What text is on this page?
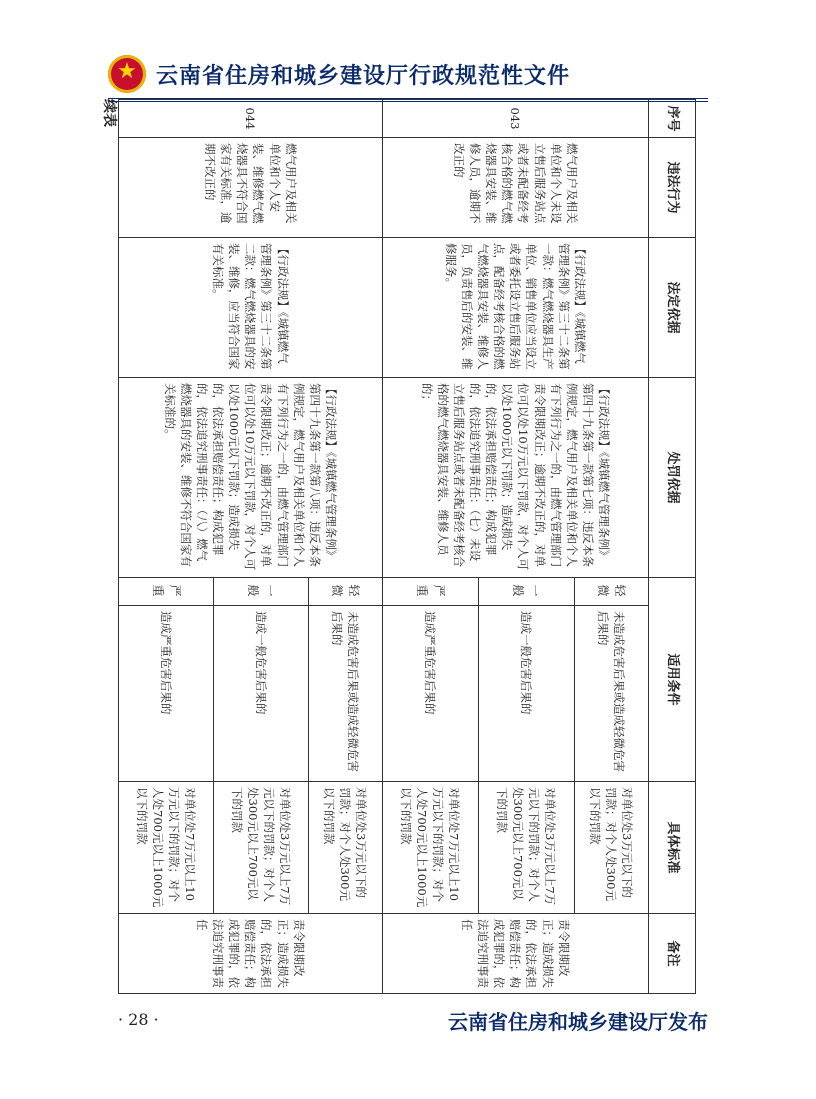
★
云南省住房和城乡建设厅行政规范性文件
序号	违法行为	法定依据	处罚依据	适用条件		具体标准	备注
043	燃气用户及相关单位和个人未设立售后服务站点或者未配备经考核合格的燃气燃烧器具安装、维修人员，逾期不改正的	【行政法规】《城镇燃气管理条例》第三十二条第一款：燃气燃烧器具生产单位、销售单位应当设立或者委托设立售后服务站点，配备经考核合格的燃气燃烧器具安装、维修人员，负责售后的安装、维修服务。	【行政法规】《城镇燃气管理条例》第四十九条第一款第七项：违反本条例规定，燃气用户及相关单位和个人有下列行为之一的，由燃气管理部门责令限期改正；逾期不改正的，对单位可以处10万元以下罚款，对个人可以处1000元以下罚款；造成损失的，依法承担赔偿责任；构成犯罪的，依法追究刑事责任：（七）未设立售后服务站点或者未配备经考核合格的燃气燃烧器具安装、维修人员的；	轻微	未造成危害后果或造成轻微危害后果的	对单位处3万元以下的罚款；对个人处300元以下的罚款	责令限期改正；造成损失的，依法承担赔偿责任；构成犯罪的，依法追究刑事责任
				一般	造成一般危害后果的	对单位处3万元以上7万元以下的罚款；对个人处300元以上700元以下的罚款	
				严重	造成严重危害后果的	对单位处7万元以上10万元以下的罚款；对个人处700元以上1000元以下的罚款	
044	燃气用户及相关单位和个人安装、维修燃气燃烧器具不符合国家有关标准，逾期不改正的	【行政法规】《城镇燃气管理条例》第三十二条第二款：燃气燃烧器具的安装、维修，应当符合国家有关标准。	【行政法规】《城镇燃气管理条例》第四十九条第一款第八项：违反本条例规定，燃气用户及相关单位和个人有下列行为之一的，由燃气管理部门责令限期改正；逾期不改正的，对单位可以处10万元以下罚款，对个人可以处1000元以下罚款；造成损失的，依法承担赔偿责任；构成犯罪的，依法追究刑事责任：（八）燃气燃烧器具的安装、维修不符合国家有关标准的。	轻微	未造成危害后果或造成轻微危害后果的	对单位处3万元以下的罚款；对个人处300元以下的罚款	责令限期改正；造成损失的，依法承担赔偿责任；构成犯罪的，依法追究刑事责任
				一般	造成一般危害后果的	对单位处3万元以上7万元以下的罚款；对个人处300元以上700元以下的罚款	
				严重	造成严重危害后果的	对单位处7万元以上10万元以下的罚款；对个人处700元以上1000元以下的罚款	
续表
· 28 ·	云南省住房和城乡建设厅发布
